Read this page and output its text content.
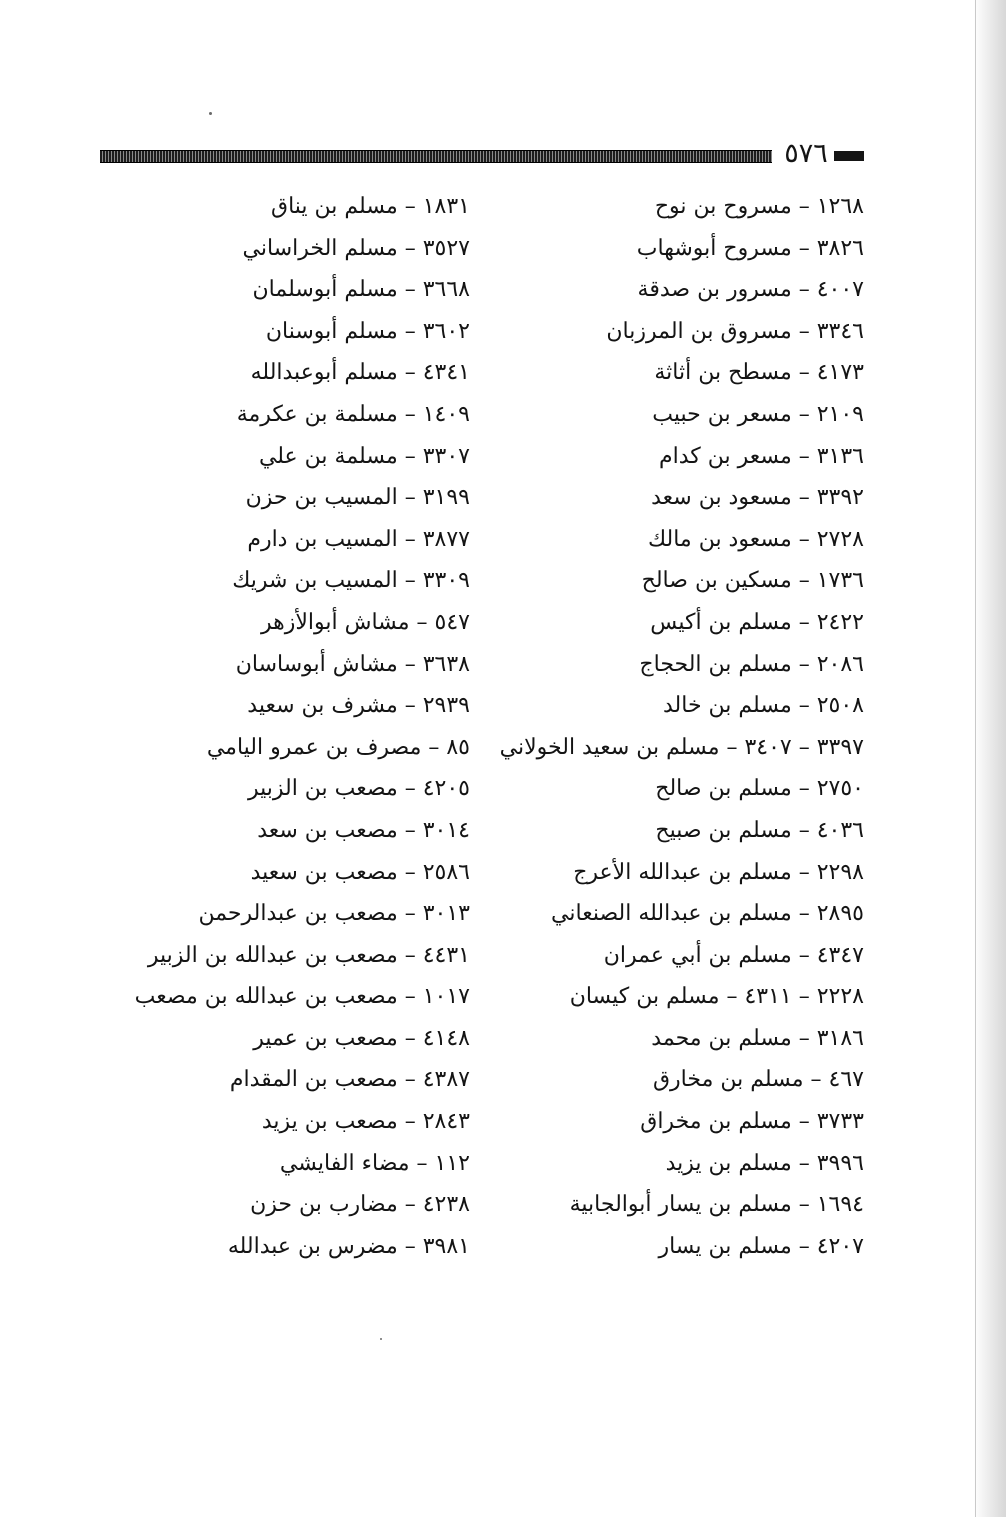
٥٧٦
١٢٦٨ – مسروح بن نوح
٣٨٢٦ – مسروح أبوشهاب
٤٠٠٧ – مسرور بن صدقة
٣٣٤٦ – مسروق بن المرزبان
٤١٧٣ – مسطح بن أثاثة
٢١٠٩ – مسعر بن حبيب
٣١٣٦ – مسعر بن كدام
٣٣٩٢ – مسعود بن سعد
٢٧٢٨ – مسعود بن مالك
١٧٣٦ – مسكين بن صالح
٢٤٢٢ – مسلم بن أكيس
٢٠٨٦ – مسلم بن الحجاج
٢٥٠٨ – مسلم بن خالد
٣٣٩٧ – ٣٤٠٧ – مسلم بن سعيد الخولاني
٢٧٥٠ – مسلم بن صالح
٤٠٣٦ – مسلم بن صبيح
٢٢٩٨ – مسلم بن عبدالله الأعرج
٢٨٩٥ – مسلم بن عبدالله الصنعاني
٤٣٤٧ – مسلم بن أبي عمران
٢٢٢٨ – ٤٣١١ – مسلم بن كيسان
٣١٨٦ – مسلم بن محمد
٤٦٧ – مسلم بن مخارق
٣٧٣٣ – مسلم بن مخراق
٣٩٩٦ – مسلم بن يزيد
١٦٩٤ – مسلم بن يسار أبوالجابية
٤٢٠٧ – مسلم بن يسار
١٨٣١ – مسلم بن يناق
٣٥٢٧ – مسلم الخراساني
٣٦٦٨ – مسلم أبوسلمان
٣٦٠٢ – مسلم أبوسنان
٤٣٤١ – مسلم أبوعبدالله
١٤٠٩ – مسلمة بن عكرمة
٣٣٠٧ – مسلمة بن علي
٣١٩٩ – المسيب بن حزن
٣٨٧٧ – المسيب بن دارم
٣٣٠٩ – المسيب بن شريك
٥٤٧ – مشاش أبوالأزهر
٣٦٣٨ – مشاش أبوساسان
٢٩٣٩ – مشرف بن سعيد
٨٥ – مصرف بن عمرو اليامي
٤٢٠٥ – مصعب بن الزبير
٣٠١٤ – مصعب بن سعد
٢٥٨٦ – مصعب بن سعيد
٣٠١٣ – مصعب بن عبدالرحمن
٤٤٣١ – مصعب بن عبدالله بن الزبير
١٠١٧ – مصعب بن عبدالله بن مصعب
٤١٤٨ – مصعب بن عمير
٤٣٨٧ – مصعب بن المقدام
٢٨٤٣ – مصعب بن يزيد
١١٢ – مضاء الفايشي
٤٢٣٨ – مضارب بن حزن
٣٩٨١ – مضرس بن عبدالله
